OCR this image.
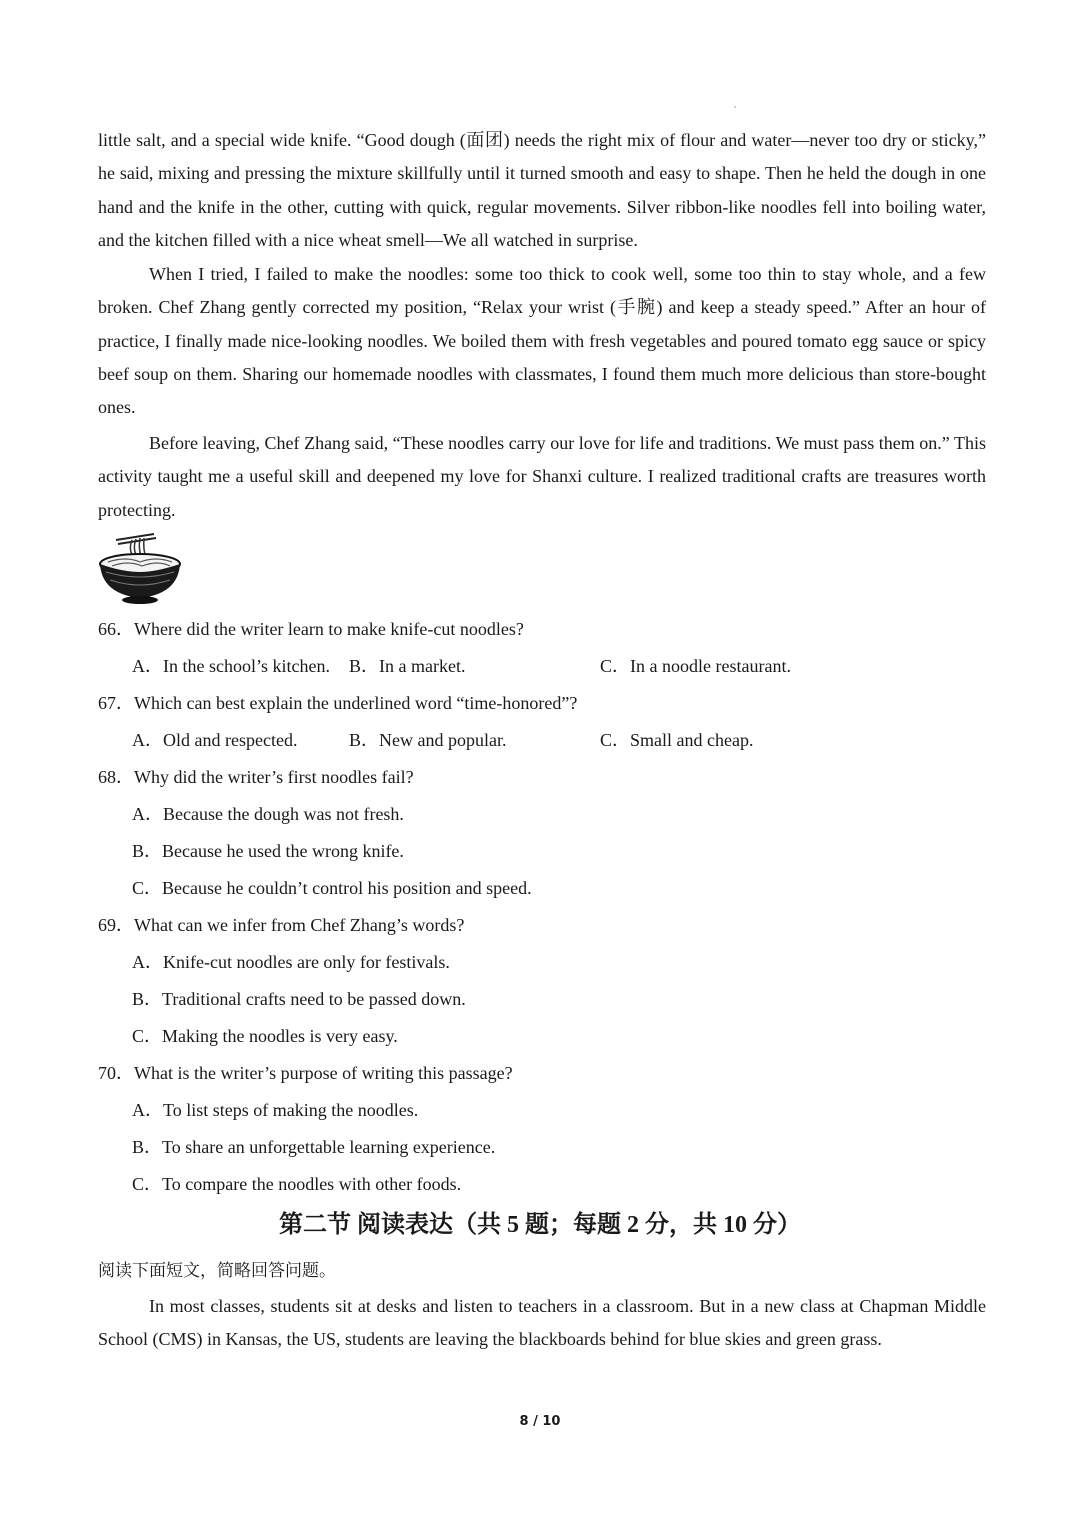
little salt, and a special wide knife. “Good dough (面团) needs the right mix of flour and water—never too dry or sticky,” he said, mixing and pressing the mixture skillfully until it turned smooth and easy to shape. Then he held the dough in one hand and the knife in the other, cutting with quick, regular movements. Silver ribbon-like noodles fell into boiling water, and the kitchen filled with a nice wheat smell—We all watched in surprise.

When I tried, I failed to make the noodles: some too thick to cook well, some too thin to stay whole, and a few broken. Chef Zhang gently corrected my position, “Relax your wrist (手腕) and keep a steady speed.” After an hour of practice, I finally made nice-looking noodles. We boiled them with fresh vegetables and poured tomato egg sauce or spicy beef soup on them. Sharing our homemade noodles with classmates, I found them much more delicious than store-bought ones.

Before leaving, Chef Zhang said, “These noodles carry our love for life and traditions. We must pass them on.” This activity taught me a useful skill and deepened my love for Shanxi culture. I realized traditional crafts are treasures worth protecting.

66．Where did the writer learn to make knife-cut noodles?
A．In the school’s kitchen. B．In a market.	C．In a noodle restaurant.
67．Which can best explain the underlined word “time-honored”?
A．Old and respected.	B．New and popular.	C．Small and cheap.
68．Why did the writer’s first noodles fail?
A．Because the dough was not fresh.
B．Because he used the wrong knife.
C．Because he couldn’t control his position and speed.
69．What can we infer from Chef Zhang’s words?
A．Knife-cut noodles are only for festivals.
B．Traditional crafts need to be passed down.
C．Making the noodles is very easy.
70．What is the writer’s purpose of writing this passage?
A．To list steps of making the noodles.
B．To share an unforgettable learning experience.
C．To compare the noodles with other foods.
第二节 阅读表达（共 5 题；每题 2 分，共 10 分）
阅读下面短文，简略回答问题。

In most classes, students sit at desks and listen to teachers in a classroom. But in a new class at Chapman Middle School (CMS) in Kansas, the US, students are leaving the blackboards behind for blue skies and green grass.

8 / 10
